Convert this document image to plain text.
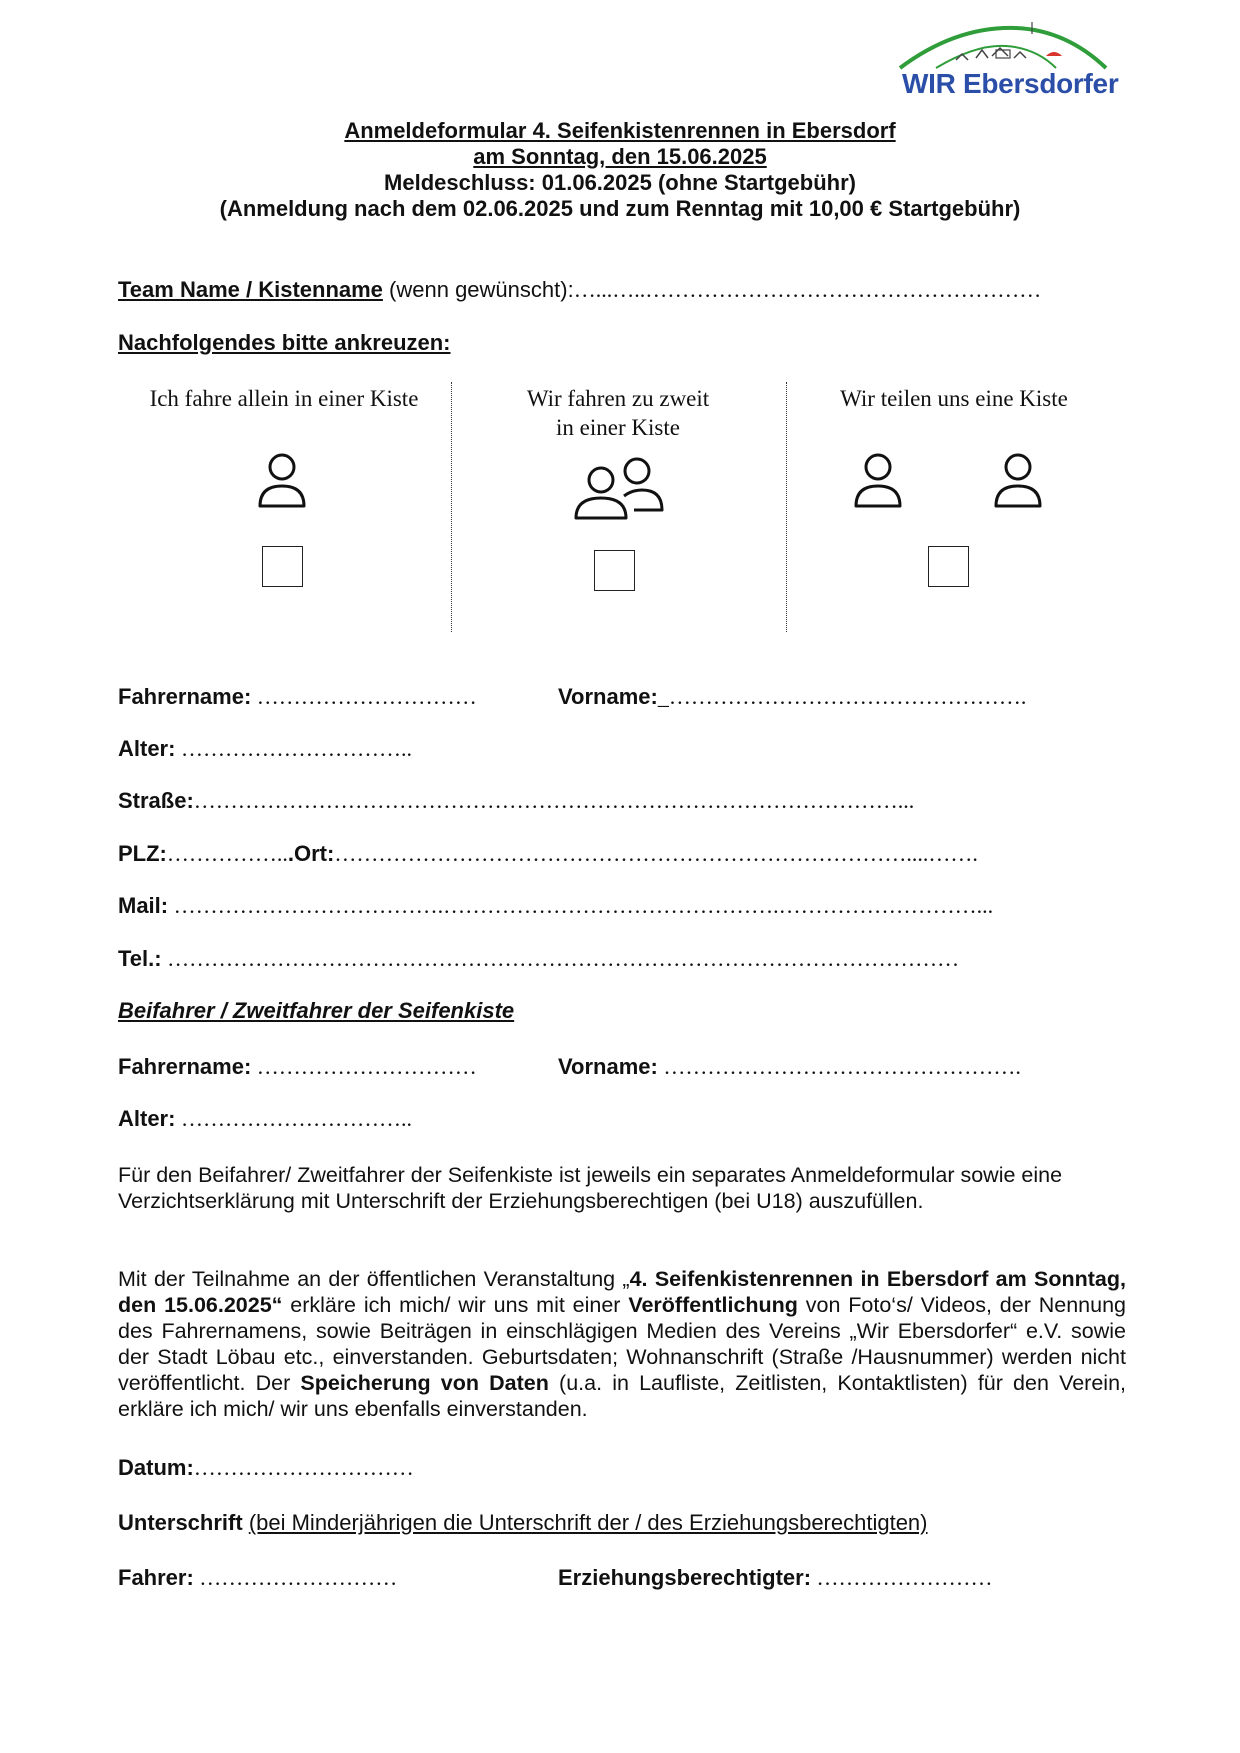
WIR Ebersdorfer
Anmeldeformular 4. Seifenkistenrennen in Ebersdorf
am Sonntag, den 15.06.2025
Meldeschluss: 01.06.2025 (ohne Startgebühr)
(Anmeldung nach dem 02.06.2025 und zum Renntag mit 10,00 € Startgebühr)
Team Name / Kistenname (wenn gewünscht):…...…..………………………………………………
Nachfolgendes bitte ankreuzen:
Ich fahre allein in einer Kiste	Wir fahren zu zweit
in einer Kiste
Wir teilen uns eine Kiste
Fahrername: …………………………	Vorname:_………………………………………….
Alter: …………………………..
Straße:……………………………………………………………………………………...
PLZ:……………...Ort:……………………………………………………………………....…….
Mail: ……………………………….……………………………………….………………………...
Tel.: ………………………………………………………………………………………………
Beifahrer / Zweitfahrer der Seifenkiste
Fahrername: …………………………	Vorname: ………………………………………….
Alter: …………………………..
Für den Beifahrer/ Zweitfahrer der Seifenkiste ist jeweils ein separates Anmeldeformular sowie eine Verzichtserklärung mit Unterschrift der Erziehungsberechtigen (bei U18) auszufüllen.
Mit der Teilnahme an der öffentlichen Veranstaltung „4. Seifenkistenrennen in Ebersdorf am Sonntag, den 15.06.2025“ erkläre ich mich/ wir uns mit einer Veröffentlichung von Foto‘s/ Videos, der Nennung des Fahrernamens, sowie Beiträgen in einschlägigen Medien des Vereins „Wir Ebersdorfer“ e.V. sowie der Stadt Löbau etc., einverstanden. Geburtsdaten; Wohnanschrift (Straße /Hausnummer) werden nicht veröffentlicht. Der Speicherung von Daten (u.a. in Laufliste, Zeitlisten, Kontaktlisten) für den Verein, erkläre ich mich/ wir uns ebenfalls einverstanden.
Datum:…………………………
Unterschrift (bei Minderjährigen die Unterschrift der / des Erziehungsberechtigten)
Fahrer: ………………………	Erziehungsberechtigter: ……………………
